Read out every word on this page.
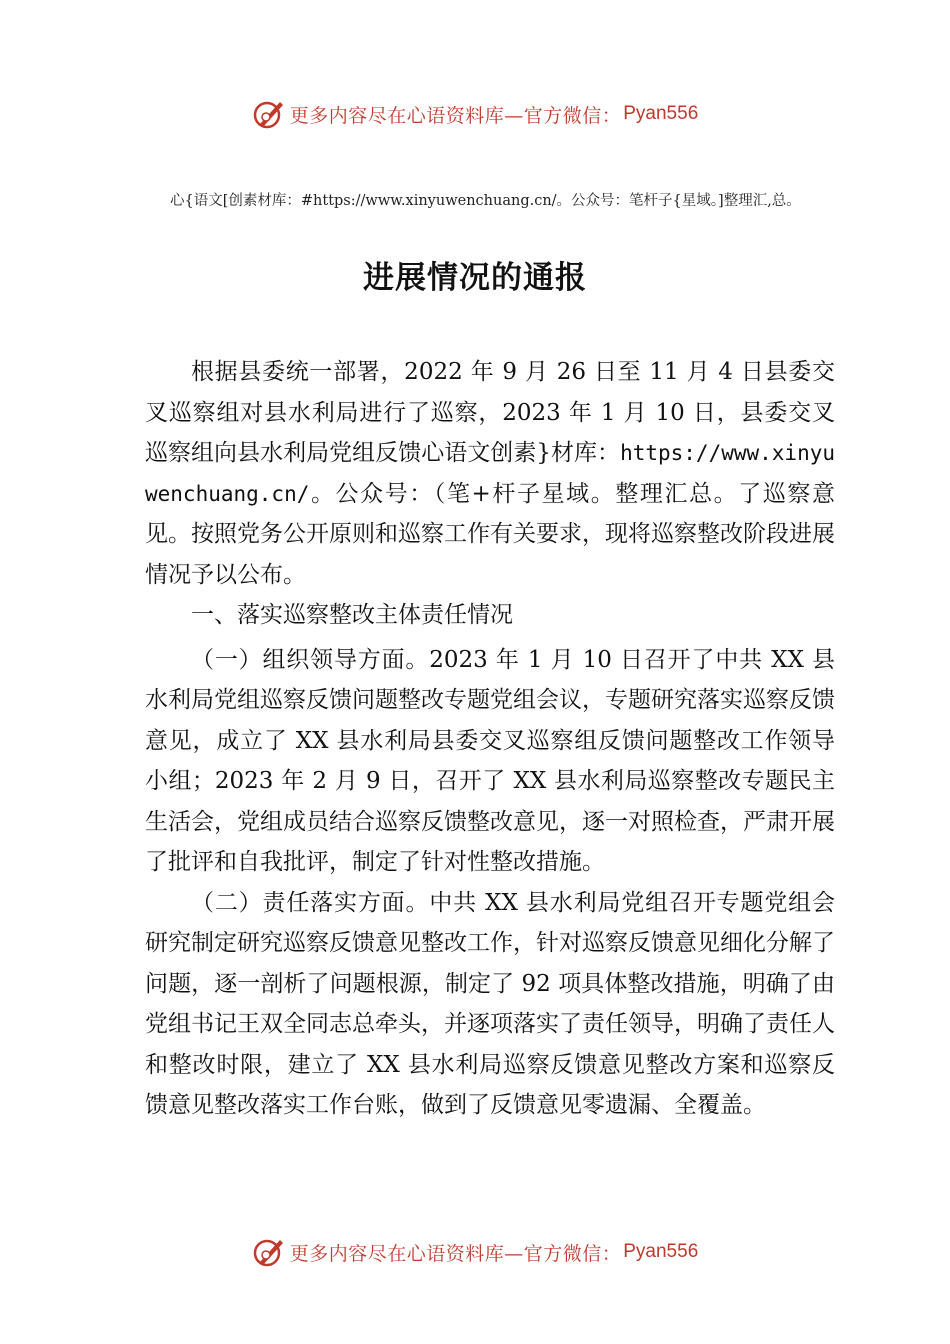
更多内容尽在心语资料库—官方微信： Pyan556
心{语文[创素材库：#https://www.xinyuwenchuang.cn/。公众号：笔杆子{星域。]整理汇,总。
进展情况的通报

根据县委统一部署，2022 年 9 月 26 日至 11 月 4 日县委交叉巡察组对县水利局进行了巡察，2023 年 1 月 10 日，县委交叉巡察组向县水利局党组反馈心语文创素}材库：https://www.xinyuwenchuang.cn/。公众号：（笔+杆子星域。整理汇总。了巡察意见。按照党务公开原则和巡察工作有关要求，现将巡察整改阶段进展情况予以公布。

一、落实巡察整改主体责任情况

（一）组织领导方面。2023 年 1 月 10 日召开了中共 XX 县水利局党组巡察反馈问题整改专题党组会议，专题研究落实巡察反馈意见，成立了 XX 县水利局县委交叉巡察组反馈问题整改工作领导小组；2023 年 2 月 9 日，召开了 XX 县水利局巡察整改专题民主生活会，党组成员结合巡察反馈整改意见，逐一对照检查，严肃开展了批评和自我批评，制定了针对性整改措施。

（二）责任落实方面。中共 XX 县水利局党组召开专题党组会研究制定研究巡察反馈意见整改工作，针对巡察反馈意见细化分解了问题，逐一剖析了问题根源，制定了 92 项具体整改措施，明确了由党组书记王双全同志总牵头，并逐项落实了责任领导，明确了责任人和整改时限，建立了 XX 县水利局巡察反馈意见整改方案和巡察反馈意见整改落实工作台账，做到了反馈意见零遗漏、全覆盖。

更多内容尽在心语资料库—官方微信： Pyan556
